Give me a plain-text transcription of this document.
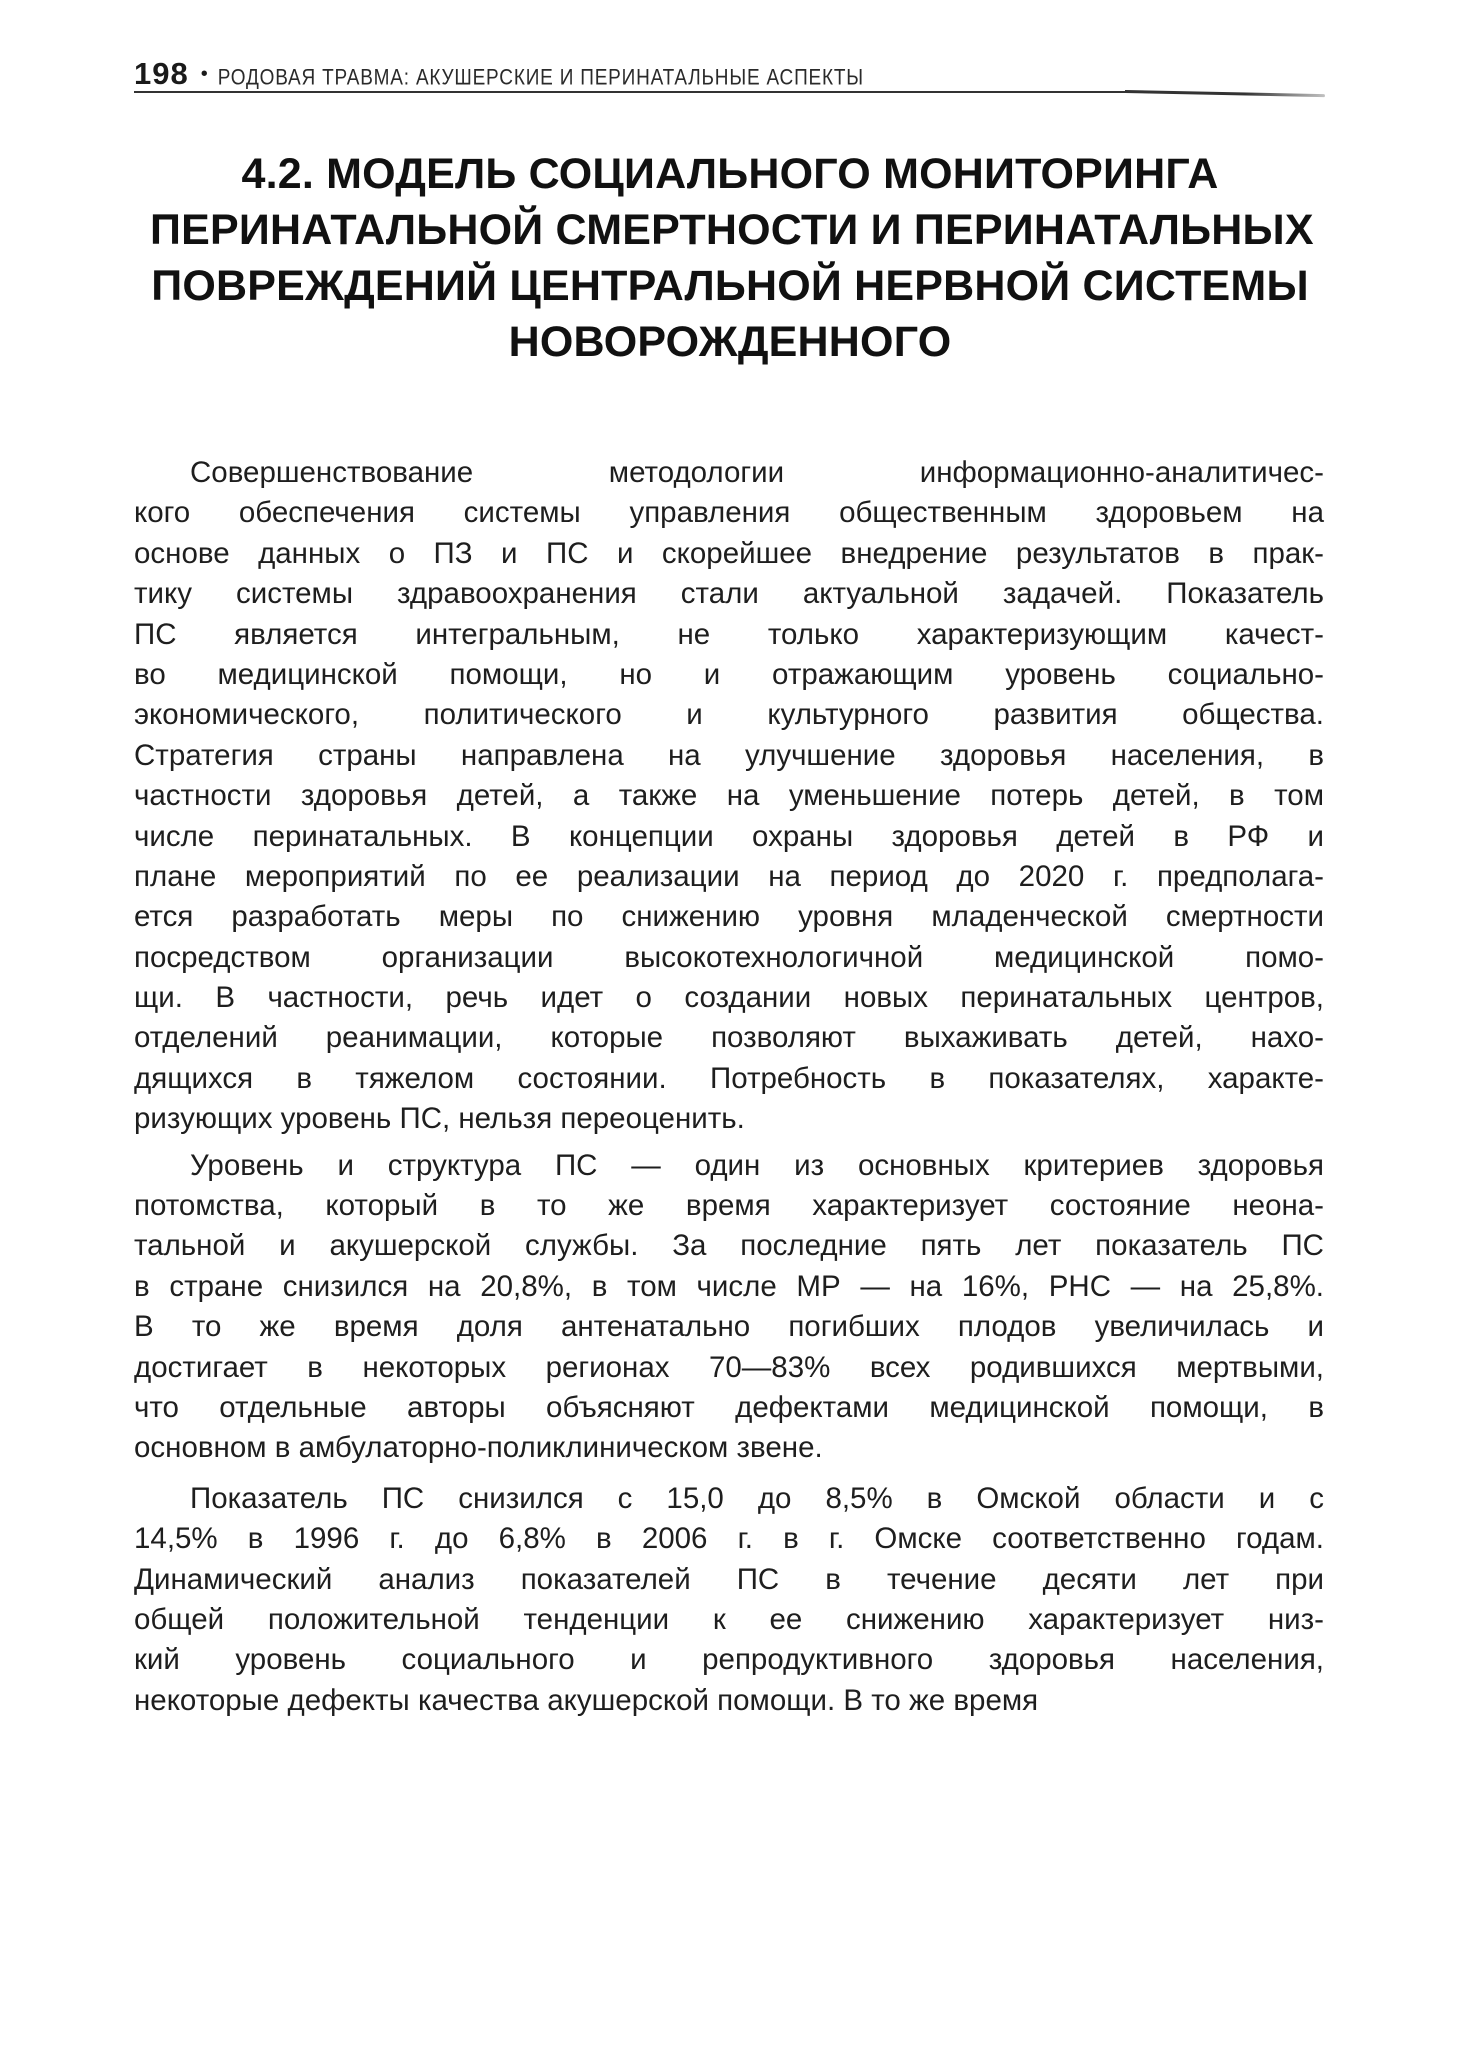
198 • РОДОВАЯ ТРАВМА: АКУШЕРСКИЕ И ПЕРИНАТАЛЬНЫЕ АСПЕКТЫ
4.2. МОДЕЛЬ СОЦИАЛЬНОГО МОНИТОРИНГА
ПЕРИНАТАЛЬНОЙ СМЕРТНОСТИ И ПЕРИНАТАЛЬНЫХ
ПОВРЕЖДЕНИЙ ЦЕНТРАЛЬНОЙ НЕРВНОЙ СИСТЕМЫ
НОВОРОЖДЕННОГО
Совершенствование методологии информационно-аналитичес-
кого обеспечения системы управления общественным здоровьем на
основе данных о ПЗ и ПС и скорейшее внедрение результатов в прак-
тику системы здравоохранения стали актуальной задачей. Показатель
ПС является интегральным, не только характеризующим качест-
во медицинской помощи, но и отражающим уровень социально-
экономического, политического и культурного развития общества.
Стратегия страны направлена на улучшение здоровья населения, в
частности здоровья детей, а также на уменьшение потерь детей, в том
числе перинатальных. В концепции охраны здоровья детей в РФ и
плане мероприятий по ее реализации на период до 2020 г. предполага-
ется разработать меры по снижению уровня младенческой смертности
посредством организации высокотехнологичной медицинской помо-
щи. В частности, речь идет о создании новых перинатальных центров,
отделений реанимации, которые позволяют выхаживать детей, нахо-
дящихся в тяжелом состоянии. Потребность в показателях, характе-
ризующих уровень ПС, нельзя переоценить.
Уровень и структура ПС — один из основных критериев здоровья
потомства, который в то же время характеризует состояние неона-
тальной и акушерской службы. За последние пять лет показатель ПС
в стране снизился на 20,8%, в том числе МР — на 16%, РНС — на 25,8%.
В то же время доля антенатально погибших плодов увеличилась и
достигает в некоторых регионах 70—83% всех родившихся мертвыми,
что отдельные авторы объясняют дефектами медицинской помощи, в
основном в амбулаторно-поликлиническом звене.
Показатель ПС снизился с 15,0 до 8,5% в Омской области и с
14,5% в 1996 г. до 6,8% в 2006 г. в г. Омске соответственно годам.
Динамический анализ показателей ПС в течение десяти лет при
общей положительной тенденции к ее снижению характеризует низ-
кий уровень социального и репродуктивного здоровья населения,
некоторые дефекты качества акушерской помощи. В то же время
